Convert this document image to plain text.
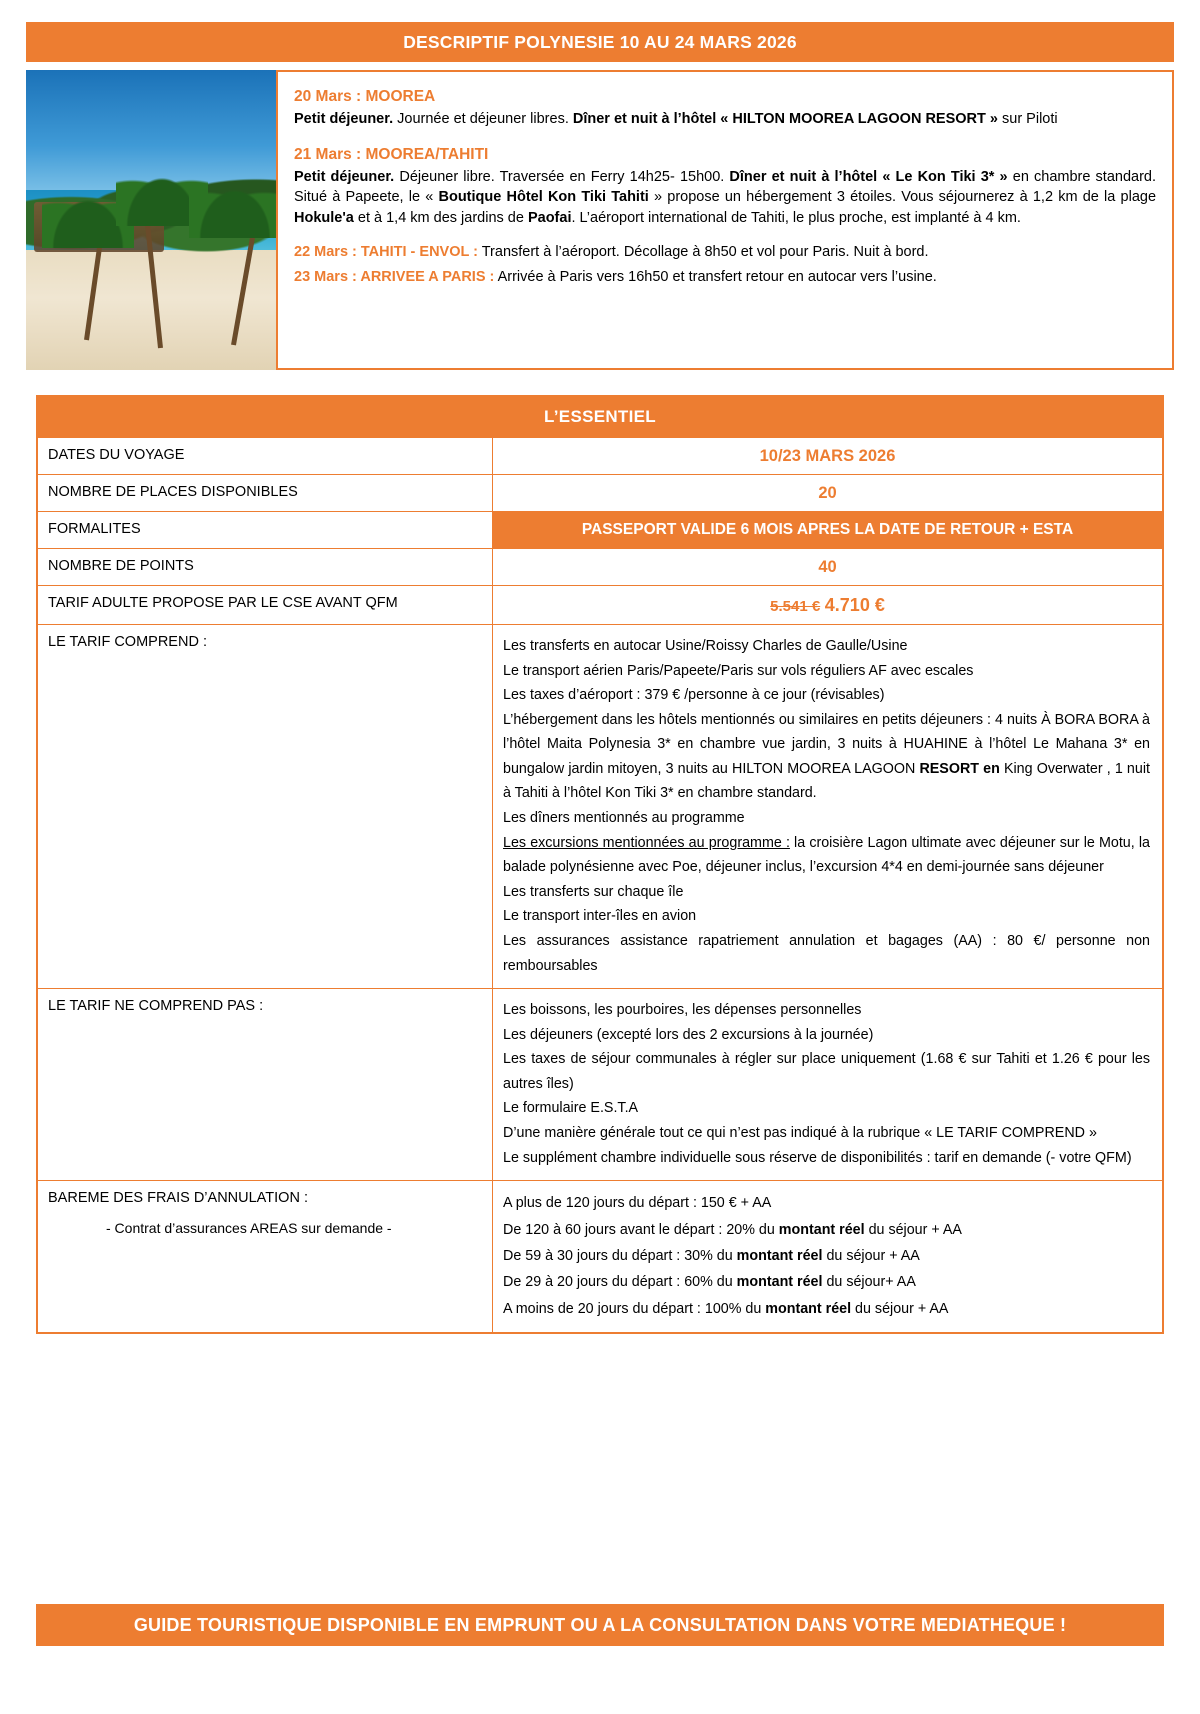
DESCRIPTIF POLYNESIE 10 AU 24 MARS 2026
20 Mars : MOOREA
Petit déjeuner. Journée et déjeuner libres. Dîner et nuit à l’hôtel « HILTON MOOREA LAGOON RESORT » sur Piloti
21 Mars : MOOREA/TAHITI
Petit déjeuner. Déjeuner libre. Traversée en Ferry 14h25- 15h00. Dîner et nuit à l’hôtel « Le Kon Tiki 3* » en chambre standard. Situé à Papeete, le « Boutique Hôtel Kon Tiki Tahiti » propose un hébergement 3 étoiles. Vous séjournerez à 1,2 km de la plage Hokule'a et à 1,4 km des jardins de Paofai. L’aéroport international de Tahiti, le plus proche, est implanté à 4 km.
22 Mars : TAHITI - ENVOL : Transfert à l’aéroport. Décollage à 8h50 et vol pour Paris. Nuit à bord.
23 Mars : ARRIVEE A PARIS : Arrivée à Paris vers 16h50 et transfert retour en autocar vers l’usine.
L’ESSENTIEL	
DATES DU VOYAGE	10/23 MARS 2026
NOMBRE DE PLACES DISPONIBLES	20
FORMALITES	PASSEPORT VALIDE 6 MOIS APRES LA DATE DE RETOUR + ESTA
NOMBRE DE POINTS	40
TARIF ADULTE PROPOSE PAR LE CSE AVANT QFM	5.541 € 4.710 €
LE TARIF COMPREND :	Les transferts en autocar Usine/Roissy Charles de Gaulle/Usine
Le transport aérien Paris/Papeete/Paris sur vols réguliers AF avec escales
Les taxes d’aéroport : 379 € /personne à ce jour (révisables)
L’hébergement dans les hôtels mentionnés ou similaires en petits déjeuners : 4 nuits À BORA BORA à l’hôtel Maita Polynesia 3* en chambre vue jardin, 3 nuits à HUAHINE à l’hôtel Le Mahana 3* en bungalow jardin mitoyen, 3 nuits au HILTON MOOREA LAGOON RESORT en King Overwater , 1 nuit à Tahiti à l’hôtel Kon Tiki 3* en chambre standard.
Les dîners mentionnés au programme
Les excursions mentionnées au programme : la croisière Lagon ultimate avec déjeuner sur le Motu, la balade polynésienne avec Poe, déjeuner inclus, l’excursion 4*4 en demi-journée sans déjeuner
Les transferts sur chaque île
Le transport inter-îles en avion
Les assurances assistance rapatriement annulation et bagages (AA) : 80 €/ personne non remboursables

LE TARIF NE COMPREND PAS :	Les boissons, les pourboires, les dépenses personnelles
Les déjeuners (excepté lors des 2 excursions à la journée)
Les taxes de séjour communales à régler sur place uniquement (1.68 € sur Tahiti et 1.26 € pour les autres îles)
Le formulaire E.S.T.A
D’une manière générale tout ce qui n’est pas indiqué à la rubrique « LE TARIF COMPREND »
Le supplément chambre individuelle sous réserve de disponibilités : tarif en demande (- votre QFM)

BAREME DES FRAIS D’ANNULATION :
- Contrat d’assurances AREAS sur demande -

A plus de 120 jours du départ : 150 € + AA
De 120 à 60 jours avant le départ : 20% du montant réel du séjour + AA
De 59 à 30 jours du départ : 30% du montant réel du séjour + AA
De 29 à 20 jours du départ : 60% du montant réel du séjour+ AA
A moins de 20 jours du départ : 100% du montant réel du séjour + AA
GUIDE TOURISTIQUE DISPONIBLE EN EMPRUNT OU A LA CONSULTATION DANS VOTRE MEDIATHEQUE !
